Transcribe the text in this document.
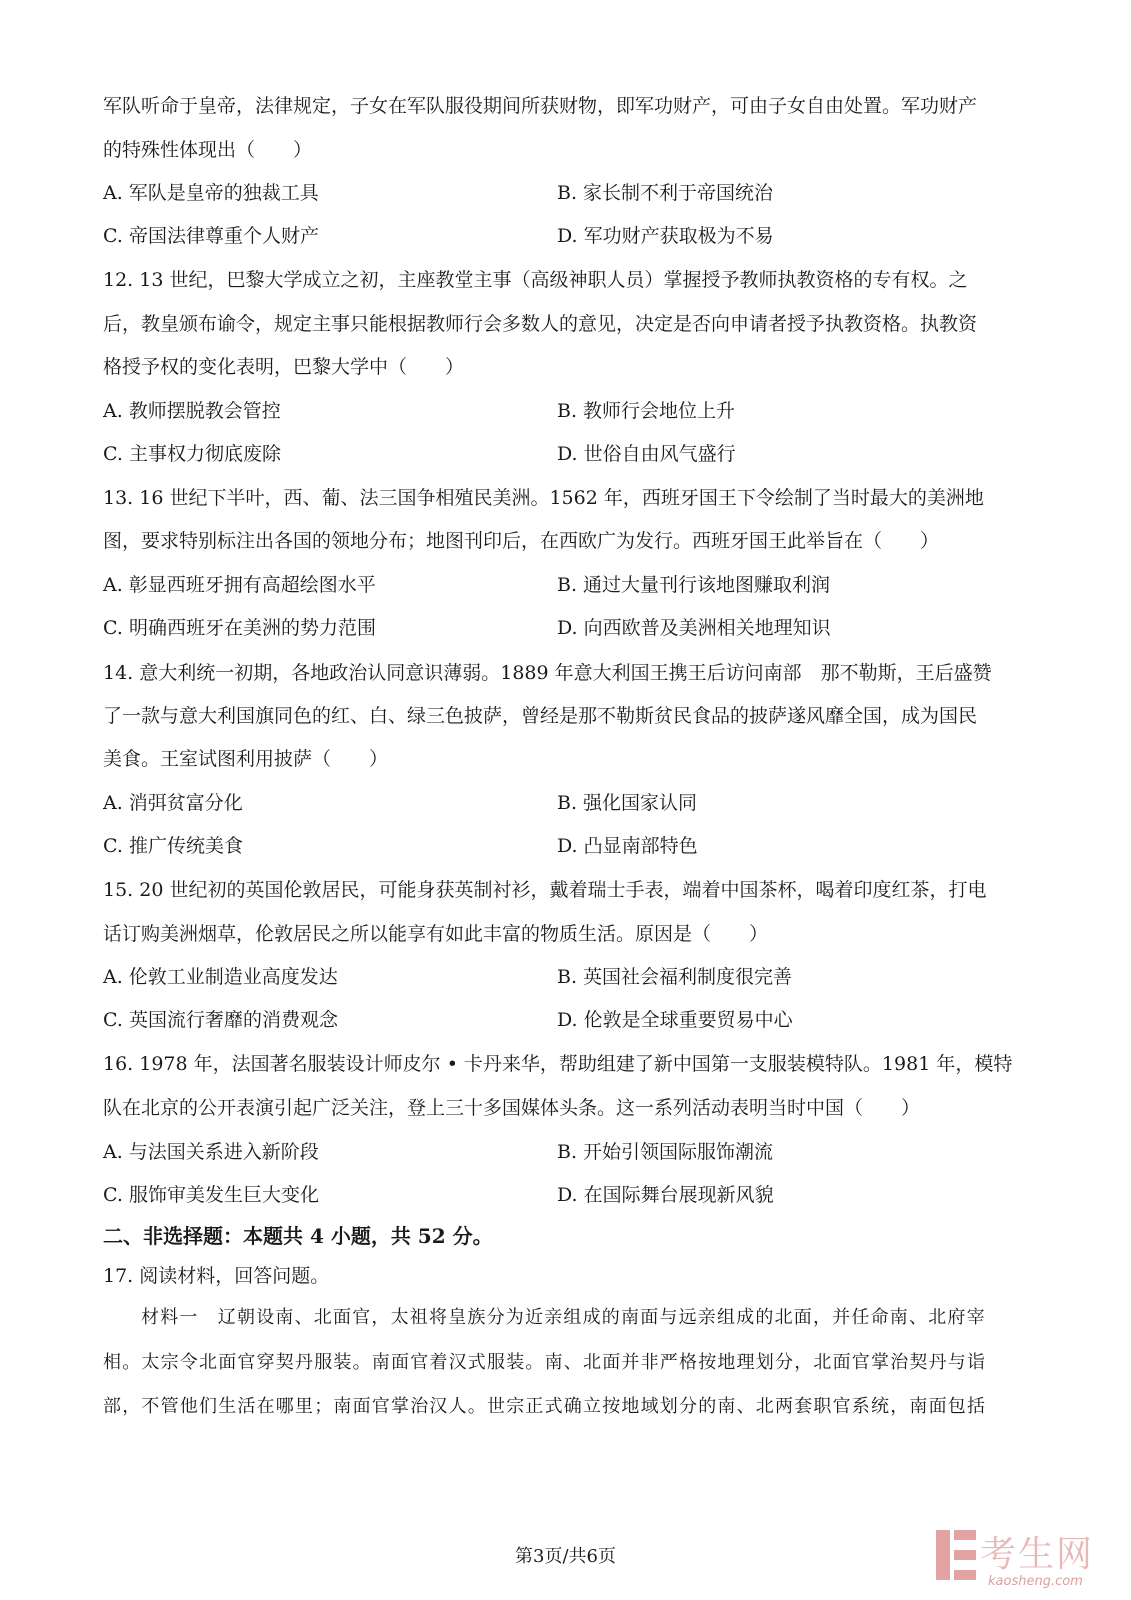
军队听命于皇帝，法律规定，子女在军队服役期间所获财物，即军功财产，可由子女自由处置。军功财产
的特殊性体现出（　　）
A. 军队是皇帝的独裁工具	B. 家长制不利于帝国统治
C. 帝国法律尊重个人财产	D. 军功财产获取极为不易
12. 13 世纪，巴黎大学成立之初，主座教堂主事（高级神职人员）掌握授予教师执教资格的专有权。之
后，教皇颁布谕令，规定主事只能根据教师行会多数人的意见，决定是否向申请者授予执教资格。执教资
格授予权的变化表明，巴黎大学中（　　）
A. 教师摆脱教会管控	B. 教师行会地位上升
C. 主事权力彻底废除	D. 世俗自由风气盛行
13. 16 世纪下半叶，西、葡、法三国争相殖民美洲。1562 年，西班牙国王下令绘制了当时最大的美洲地
图，要求特别标注出各国的领地分布；地图刊印后，在西欧广为发行。西班牙国王此举旨在（　　）
A. 彰显西班牙拥有高超绘图水平	B. 通过大量刊行该地图赚取利润
C. 明确西班牙在美洲的势力范围	D. 向西欧普及美洲相关地理知识
14. 意大利统一初期，各地政治认同意识薄弱。1889 年意大利国王携王后访问南部　那不勒斯，王后盛赞
了一款与意大利国旗同色的红、白、绿三色披萨，曾经是那不勒斯贫民食品的披萨遂风靡全国，成为国民
美食。王室试图利用披萨（　　）
A. 消弭贫富分化	B. 强化国家认同
C. 推广传统美食	D. 凸显南部特色
15. 20 世纪初的英国伦敦居民，可能身获英制衬衫，戴着瑞士手表，端着中国茶杯，喝着印度红茶，打电
话订购美洲烟草，伦敦居民之所以能享有如此丰富的物质生活。原因是（　　）
A. 伦敦工业制造业高度发达	B. 英国社会福利制度很完善
C. 英国流行奢靡的消费观念	D. 伦敦是全球重要贸易中心
16. 1978 年，法国著名服装设计师皮尔 • 卡丹来华，帮助组建了新中国第一支服装模特队。1981 年，模特
队在北京的公开表演引起广泛关注，登上三十多国媒体头条。这一系列活动表明当时中国（　　）
A. 与法国关系进入新阶段	B. 开始引领国际服饰潮流
C. 服饰审美发生巨大变化	D. 在国际舞台展现新风貌
二、非选择题：本题共 4 小题，共 52 分。
17. 阅读材料，回答问题。
材料一　辽朝设南、北面官，太祖将皇族分为近亲组成的南面与远亲组成的北面，并任命南、北府宰
相。太宗令北面官穿契丹服装。南面官着汉式服装。南、北面并非严格按地理划分，北面官掌治契丹与诣
部，不管他们生活在哪里；南面官掌治汉人。世宗正式确立按地域划分的南、北两套职官系统，南面包括
第3页/共6页	考生网
kaosheng.com
